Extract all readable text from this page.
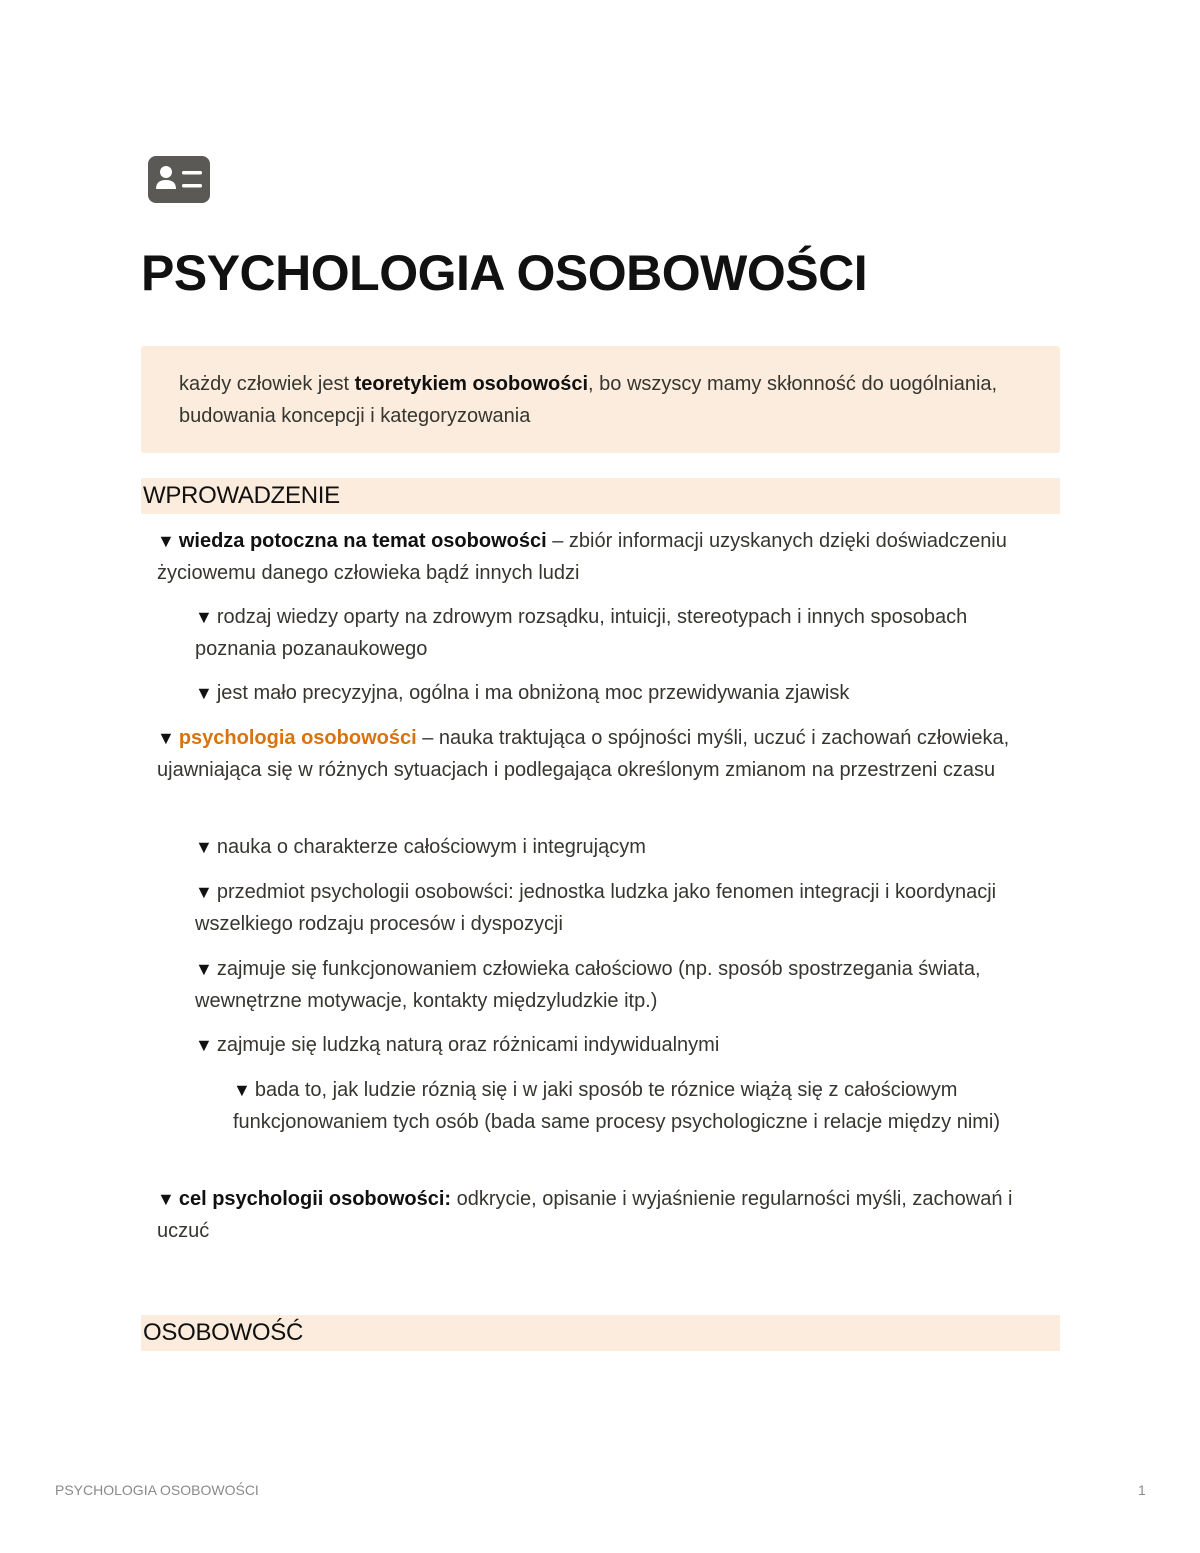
PSYCHOLOGIA OSOBOWOŚCI
każdy człowiek jest teoretykiem osobowości, bo wszyscy mamy skłonność do uogólniania, budowania koncepcji i kategoryzowania
WPROWADZENIE
▼ wiedza potoczna na temat osobowości – zbiór informacji uzyskanych dzięki doświadczeniu życiowemu danego człowieka bądź innych ludzi
▼ rodzaj wiedzy oparty na zdrowym rozsądku, intuicji, stereotypach i innych sposobach poznania pozanaukowego
▼ jest mało precyzyjna, ogólna i ma obniżoną moc przewidywania zjawisk
▼ psychologia osobowości – nauka traktująca o spójności myśli, uczuć i zachowań człowieka, ujawniająca się w różnych sytuacjach i podlegająca określonym zmianom na przestrzeni czasu
▼ nauka o charakterze całościowym i integrującym
▼ przedmiot psychologii osobowści: jednostka ludzka jako fenomen integracji i koordynacji wszelkiego rodzaju procesów i dyspozycji
▼ zajmuje się funkcjonowaniem człowieka całościowo (np. sposób spostrzegania świata, wewnętrzne motywacje, kontakty międzyludzkie itp.)
▼ zajmuje się ludzką naturą oraz różnicami indywidualnymi
▼ bada to, jak ludzie róznią się i w jaki sposób te róznice wiążą się z całościowym funkcjonowaniem tych osób (bada same procesy psychologiczne i relacje między nimi)
▼ cel psychologii osobowości: odkrycie, opisanie i wyjaśnienie regularności myśli, zachowań i uczuć
OSOBOWOŚĆ
PSYCHOLOGIA OSOBOWOŚCI	1
